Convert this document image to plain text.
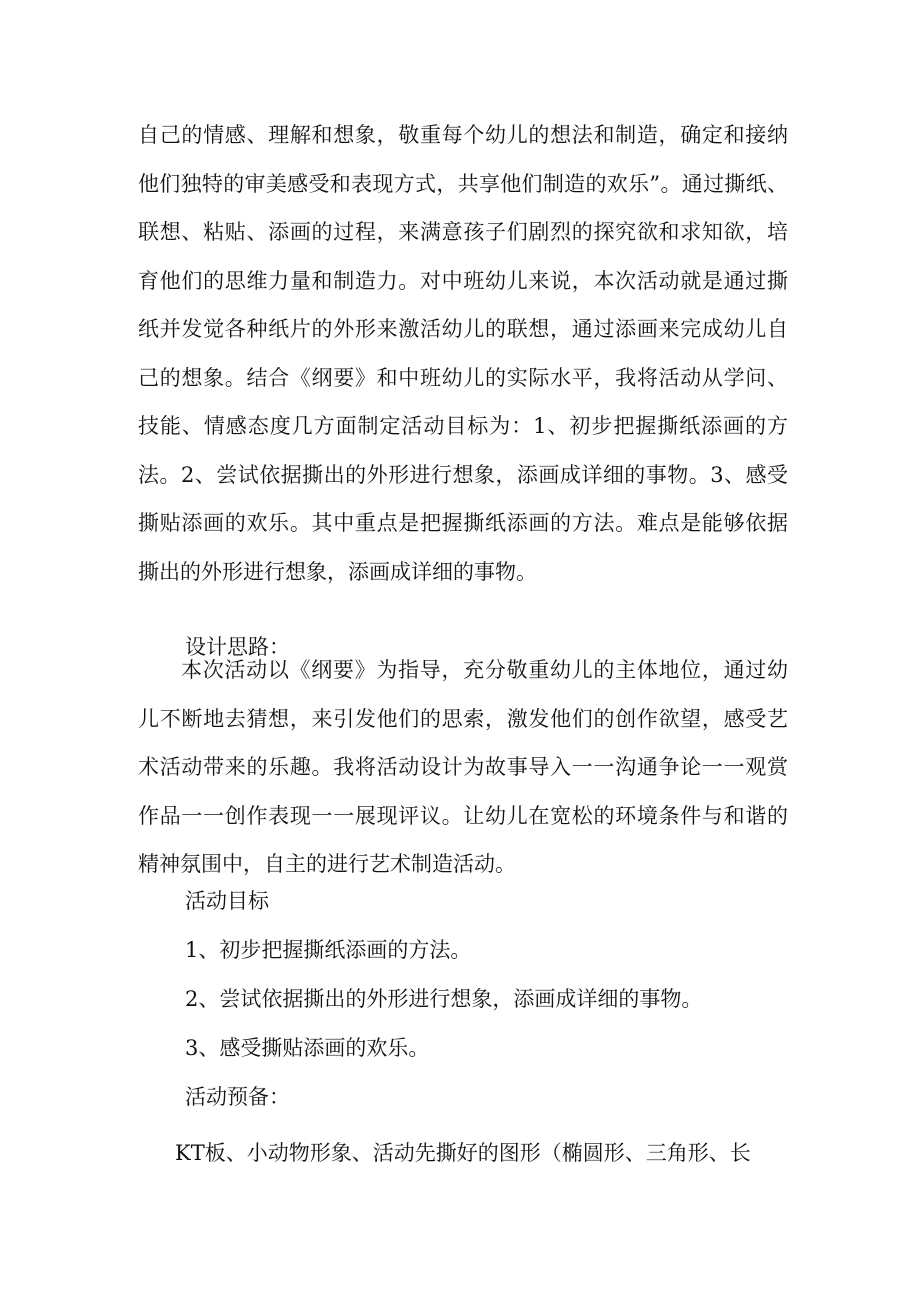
自己的情感、理解和想象，敬重每个幼儿的想法和制造，确定和接纳他们独特的审美感受和表现方式，共享他们制造的欢乐”。通过撕纸、联想、粘贴、添画的过程，来满意孩子们剧烈的探究欲和求知欲，培育他们的思维力量和制造力。对中班幼儿来说，本次活动就是通过撕纸并发觉各种纸片的外形来激活幼儿的联想，通过添画来完成幼儿自己的想象。结合《纲要》和中班幼儿的实际水平，我将活动从学问、技能、情感态度几方面制定活动目标为：1、初步把握撕纸添画的方法。2、尝试依据撕出的外形进行想象，添画成详细的事物。3、感受撕贴添画的欢乐。其中重点是把握撕纸添画的方法。难点是能够依据撕出的外形进行想象，添画成详细的事物。
设计思路：
本次活动以《纲要》为指导，充分敬重幼儿的主体地位，通过幼儿不断地去猜想，来引发他们的思索，激发他们的创作欲望，感受艺术活动带来的乐趣。我将活动设计为故事导入一一沟通争论一一观赏作品一一创作表现一一展现评议。让幼儿在宽松的环境条件与和谐的精神氛围中，自主的进行艺术制造活动。
活动目标
1、初步把握撕纸添画的方法。
2、尝试依据撕出的外形进行想象，添画成详细的事物。
3、感受撕贴添画的欢乐。
活动预备：
KT板、小动物形象、活动先撕好的图形（椭圆形、三角形、长
